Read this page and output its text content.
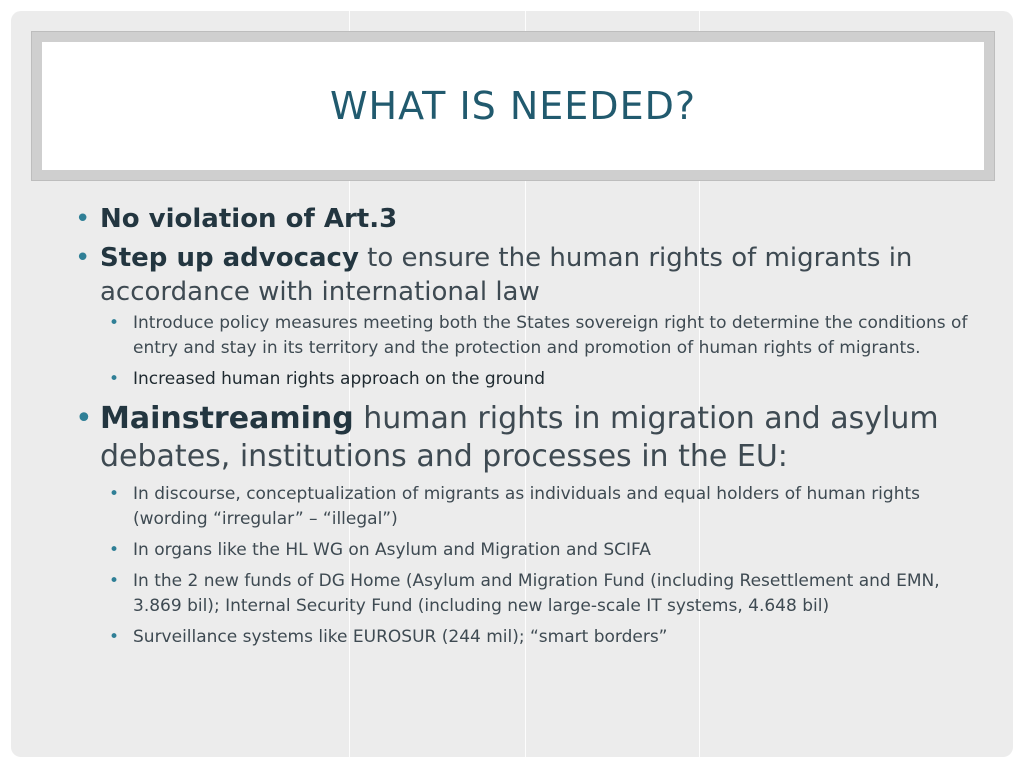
WHAT IS NEEDED?

• No violation of Art.3

• Step up advocacy to ensure the human rights of migrants in accordance with international law

• Introduce policy measures meeting both the States sovereign right to determine the conditions of entry and stay in its territory and the protection and promotion of human rights of migrants.

• Increased human rights approach on the ground

• Mainstreaming human rights in migration and asylum debates, institutions and processes in the EU:

• In discourse, conceptualization of migrants as individuals and equal holders of human rights (wording “irregular” – “illegal”)

• In organs like the HL WG on Asylum and Migration and SCIFA

• In the 2 new funds of DG Home (Asylum and Migration Fund (including Resettlement and EMN, 3.869 bil); Internal Security Fund (including new large-scale IT systems, 4.648 bil)

• Surveillance systems like EUROSUR (244 mil); “smart borders”
